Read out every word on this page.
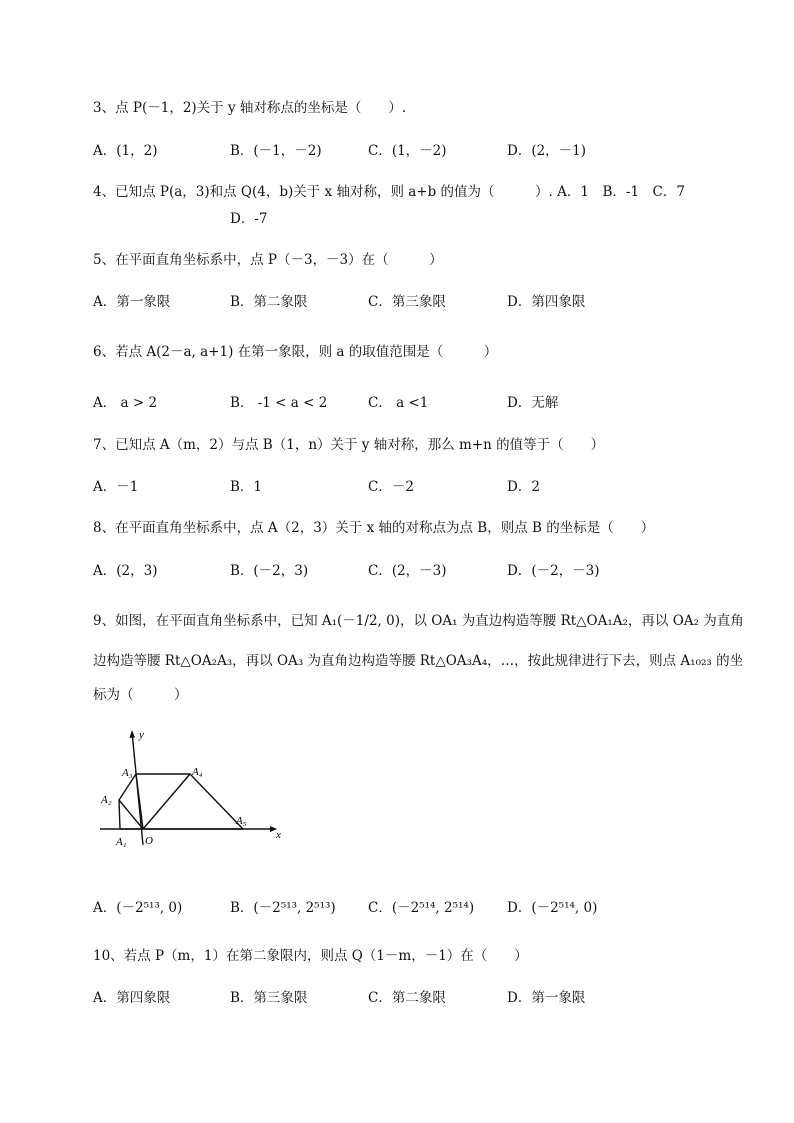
3、点 P(－1，2)关于 y 轴对称点的坐标是（　　）.
A．(1，2)	B．(－1，－2)	C．(1，－2)	D．(2，－1)
4、已知点 P(a，3)和点 Q(4，b)关于 x 轴对称，则 a+b 的值为（　　　）. A．1　B．-1　C．7
D．-7
5、在平面直角坐标系中，点 P（－3，－3）在（　　　）
A．第一象限	B．第二象限	C．第三象限	D．第四象限
6、若点 A(2－a, a+1) 在第一象限，则 a 的取值范围是（　　　）
A． a > 2	B． -1 < a < 2	C． a <1	D．无解
7、已知点 A（m，2）与点 B（1，n）关于 y 轴对称，那么 m+n 的值等于（　　）
A．－1	B．1	C．－2	D．2
8、在平面直角坐标系中，点 A（2，3）关于 x 轴的对称点为点 B，则点 B 的坐标是（　　）
A．(2，3)	B．(－2，3)	C．(2，－3)	D．(－2，－3)
9、如图，在平面直角坐标系中，已知 A₁(－1/2, 0)，以 OA₁ 为直边构造等腰 Rt△OA₁A₂，再以 OA₂ 为直角
边构造等腰 Rt△OA₂A₃，再以 OA₃ 为直角边构造等腰 Rt△OA₃A₄，…，按此规律进行下去，则点 A₁₀₂₃ 的坐
标为（　　　）
y
x
O
A₁
A₂
A₃	A₄
A₅
A．(－2⁵¹³, 0)	B．(－2⁵¹³, 2⁵¹³) C．(－2⁵¹⁴, 2⁵¹⁴) D．(－2⁵¹⁴, 0)
10、若点 P（m，1）在第二象限内，则点 Q（1－m，－1）在（　　）
A．第四象限	B．第三象限	C．第二象限	D．第一象限
